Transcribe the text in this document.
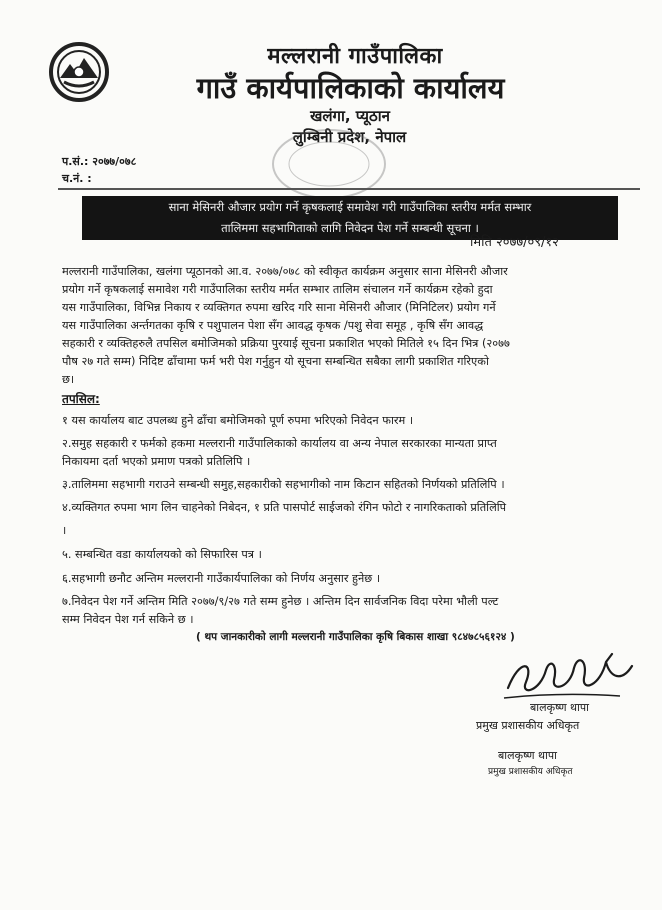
मल्लरानी गाउँपालिका
गाउँ कार्यपालिकाको कार्यालय
खलंगा, प्यूठान
लुम्बिनी प्रदेश, नेपाल
प.सं.: २०७७/०७८
च.नं. :
साना मेसिनरी औजार प्रयोग गर्ने कृषकलाई समावेश गरी गाउँपालिका स्तरीय मर्मत सम्भार
तालिममा सहभागिताको लागि निवेदन पेश गर्ने सम्बन्धी सूचना ।
मिति २०७७/०९/१२
मल्लरानी गाउँपालिका, खलंगा प्यूठानको आ.व. २०७७/०७८ को स्वीकृत कार्यक्रम अनुसार साना मेसिनरी औजार
प्रयोग गर्ने कृषकलाई समावेश गरी गाउँपालिका स्तरीय मर्मत सम्भार तालिम संचालन गर्ने कार्यक्रम रहेको हुदा
यस गाउँपालिका, विभिन्न निकाय र व्यक्तिगत रुपमा खरिद गरि साना मेसिनरी औजार (मिनिटिलर) प्रयोग गर्ने
यस गाउँपालिका अर्न्तगतका कृषि र पशुपालन पेशा सँग आवद्ध कृषक /पशु सेवा समूह , कृषि सँग आवद्ध
सहकारी र व्यक्तिहरुलै तपसिल बमोजिमको प्रक्रिया पुरयाई सूचना प्रकाशित भएको मितिले १५ दिन भित्र (२०७७
पौष २७ गते सम्म) निदिष्ट ढाँचामा फर्म भरी पेश गर्नुहुन यो सूचना सम्बन्धित सबैका लागी प्रकाशित गरिएको
छ।
तपसिल:
१ यस कार्यालय बाट उपलब्ध हुने ढाँचा बमोजिमको पूर्ण रुपमा भरिएको निवेदन फारम ।
२.समुह सहकारी र फर्मको हकमा मल्लरानी गाउँपालिकाको कार्यालय वा अन्य नेपाल सरकारका मान्यता प्राप्त
निकायमा दर्ता भएको प्रमाण पत्रको प्रतिलिपि ।
३.तालिममा सहभागी गराउने सम्बन्धी समुह,सहकारीको सहभागीको नाम किटान सहितको निर्णयको प्रतिलिपि ।
४.व्यक्तिगत रुपमा भाग लिन चाहनेको निबेदन, १ प्रति पासपोर्ट साईजको रंगिन फोटो र नागरिकताको प्रतिलिपि
।
५. सम्बन्धित वडा कार्यालयको को सिफारिस पत्र ।
६.सहभागी छनौट अन्तिम मल्लरानी गाउँकार्यपालिका को निर्णय अनुसार हुनेछ ।
७.निवेदन पेश गर्ने अन्तिम मिति २०७७/९/२७ गते सम्म हुनेछ । अन्तिम दिन सार्वजनिक विदा परेमा भौली पल्ट
सम्म निवेदन पेश गर्न सकिने छ ।
( थप जानकारीको लागी मल्लरानी गाउँपालिका कृषि बिकास शाखा ९८४७८५६१२४ )
बालकृष्ण थापा
प्रमुख प्रशासकीय अधिकृत
बालकृष्ण थापा
प्रमुख प्रशासकीय अधिकृत
